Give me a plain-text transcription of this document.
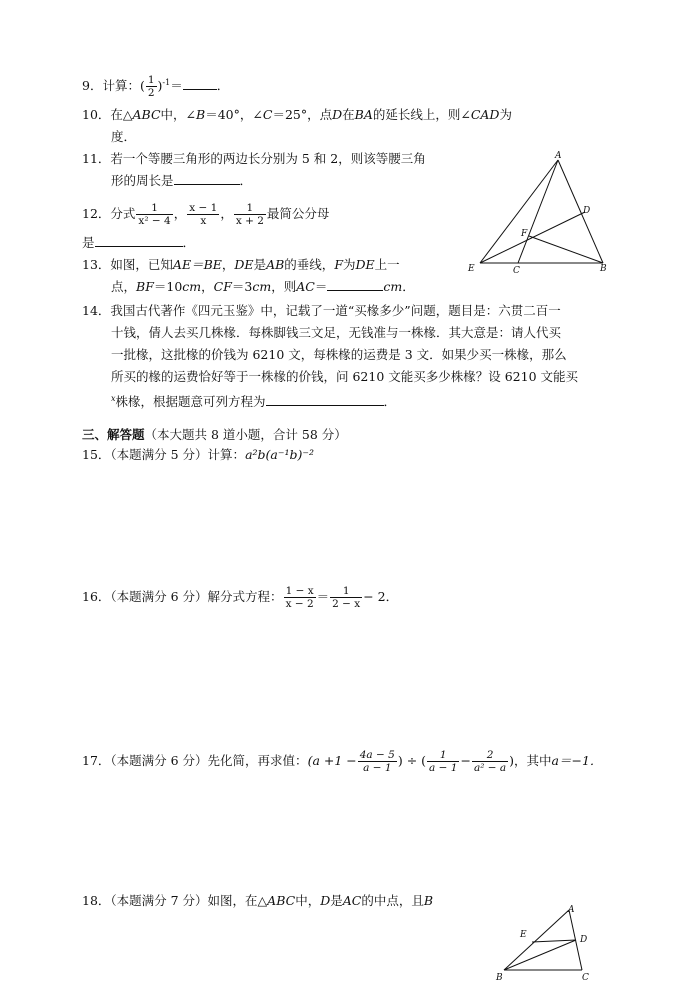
9．计算：( $\frac{1}{2} )^{-1}=$	．
10．在△ABC中，∠B＝40°，∠C＝25°，点D在BA的延长线上，则∠CAD为
度．
11．若一个等腰三角形的两边长分别为 5 和 2，则该等腰三角
形的周长是	．
12．分式 $\frac{1}{\text{x² − 4}}$ ， $\frac{x - 1}{x}$ ， $\frac{1}{x + 2}$ 最简公分母
是	．
13．如图，已知AE＝BE，DE是AB的垂线，F为DE上一
点，BF＝10cm，CF＝3cm，则AC＝	cm．
A
D
F
E	C	B
14．我国古代著作《四元玉鉴》中，记载了一道“买椽多少”问题，题目是：六贯二百一
十钱，倩人去买几株椽．每株脚钱三文足，无钱准与一株椽．其大意是：请人代买
一批椽，这批椽的价钱为 6210 文，每株椽的运费是 3 文．如果少买一株椽，那么
所买的椽的运费恰好等于一株椽的价钱，问 6210 文能买多少株椽？设 6210 文能买
$^x$株椽，根据题意可列方程为	．
三、解答题（本大题共 8 道小题，合计 58 分）
15．（本题满分 5 分）计算：a²b(a⁻¹b)⁻²
16．（本题满分 6 分）解分式方程： $\frac{1 - x}{x - 2} = \frac{1}{2 - x} - 2$．
17．（本题满分 6 分）先化简，再求值：($a +1 - \frac{4a - 5}{a - 1}$ ) ÷ ( $\frac{1}{a - 1} - \frac{2}{\text{a² − a}}$ )，其中a＝−1．
18．（本题满分 7 分）如图，在△ABC中，D是AC的中点，且B
A
E	D
B	C
